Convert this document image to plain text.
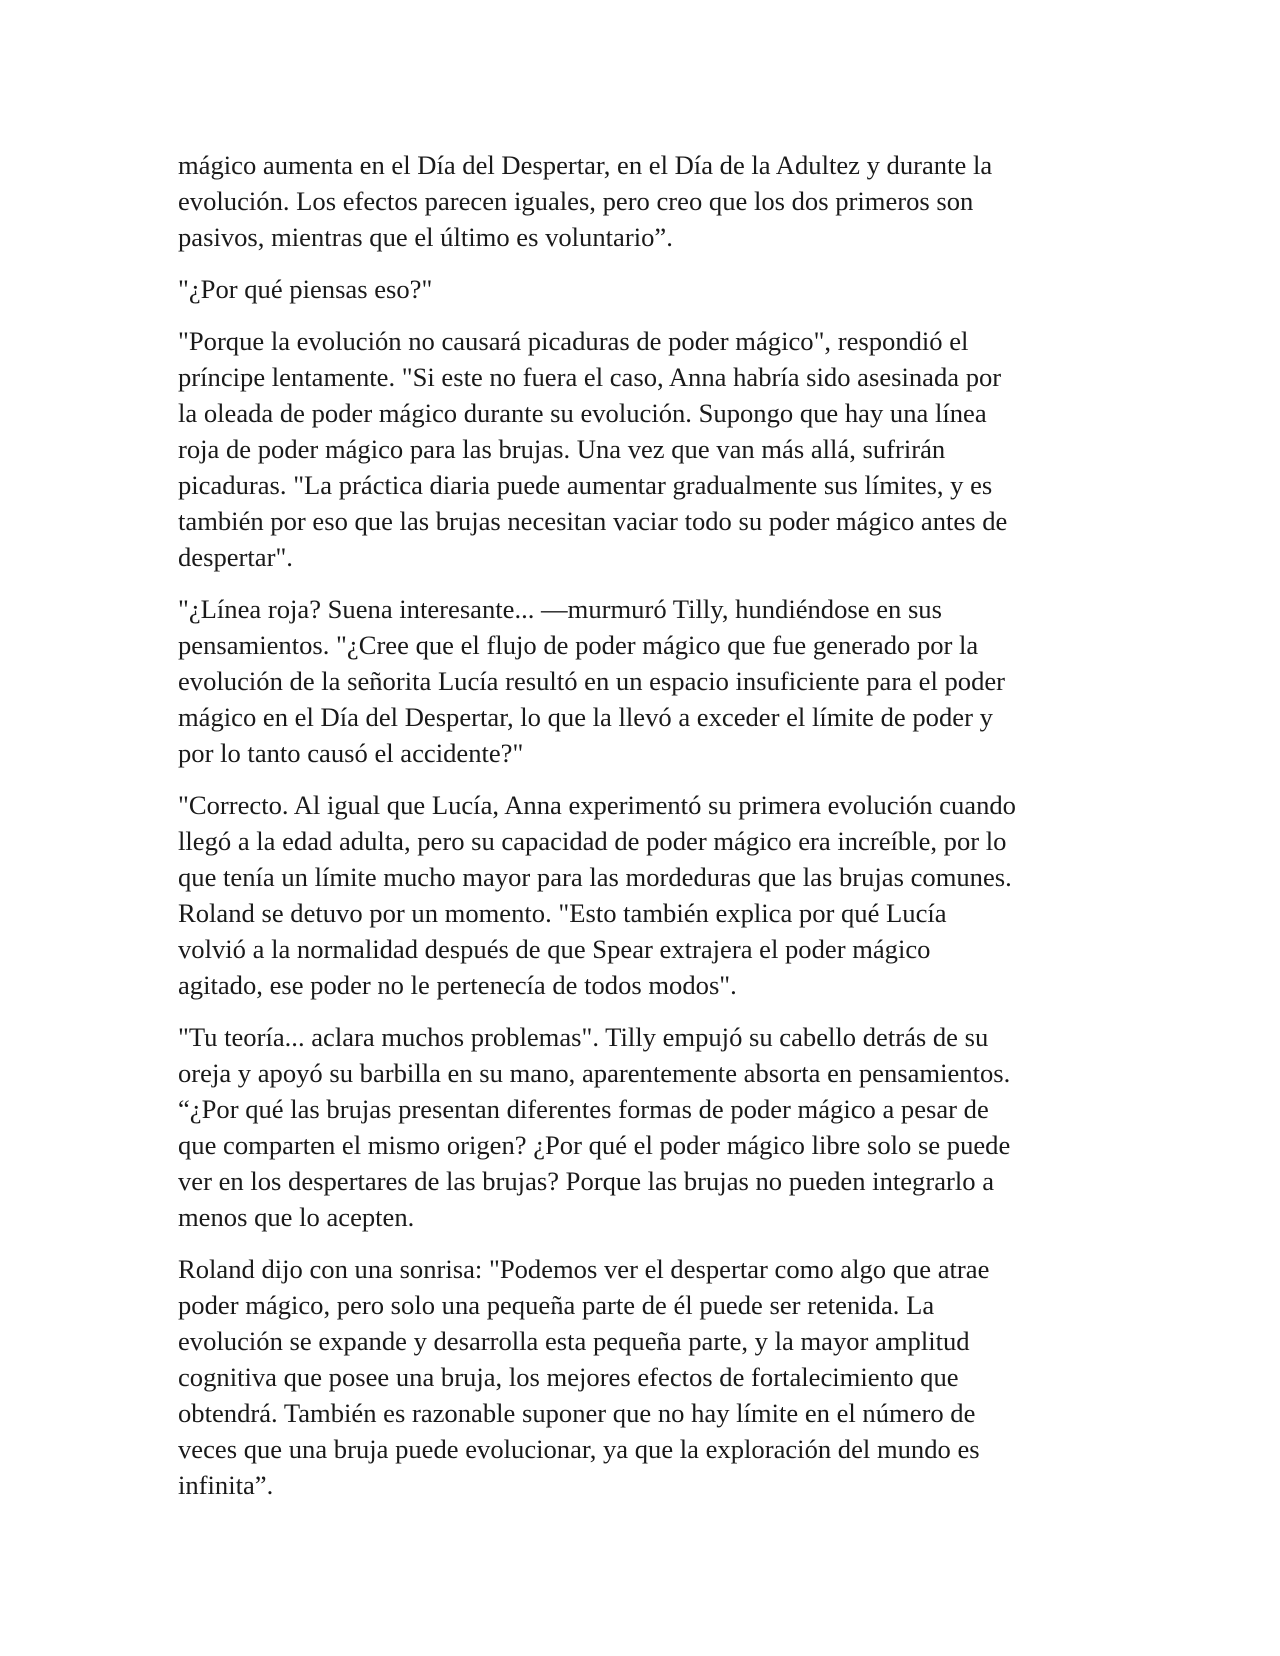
mágico aumenta en el Día del Despertar, en el Día de la Adultez y durante la
evolución. Los efectos parecen iguales, pero creo que los dos primeros son
pasivos, mientras que el último es voluntario”.

"¿Por qué piensas eso?"

"Porque la evolución no causará picaduras de poder mágico", respondió el
príncipe lentamente. "Si este no fuera el caso, Anna habría sido asesinada por
la oleada de poder mágico durante su evolución. Supongo que hay una línea
roja de poder mágico para las brujas. Una vez que van más allá, sufrirán
picaduras. "La práctica diaria puede aumentar gradualmente sus límites, y es
también por eso que las brujas necesitan vaciar todo su poder mágico antes de
despertar".

"¿Línea roja? Suena interesante... —murmuró Tilly, hundiéndose en sus
pensamientos. "¿Cree que el flujo de poder mágico que fue generado por la
evolución de la señorita Lucía resultó en un espacio insuficiente para el poder
mágico en el Día del Despertar, lo que la llevó a exceder el límite de poder y
por lo tanto causó el accidente?"

"Correcto. Al igual que Lucía, Anna experimentó su primera evolución cuando
llegó a la edad adulta, pero su capacidad de poder mágico era increíble, por lo
que tenía un límite mucho mayor para las mordeduras que las brujas comunes.
Roland se detuvo por un momento. "Esto también explica por qué Lucía
volvió a la normalidad después de que Spear extrajera el poder mágico
agitado, ese poder no le pertenecía de todos modos".

"Tu teoría... aclara muchos problemas". Tilly empujó su cabello detrás de su
oreja y apoyó su barbilla en su mano, aparentemente absorta en pensamientos.
“¿Por qué las brujas presentan diferentes formas de poder mágico a pesar de
que comparten el mismo origen? ¿Por qué el poder mágico libre solo se puede
ver en los despertares de las brujas? Porque las brujas no pueden integrarlo a
menos que lo acepten.

Roland dijo con una sonrisa: "Podemos ver el despertar como algo que atrae
poder mágico, pero solo una pequeña parte de él puede ser retenida. La
evolución se expande y desarrolla esta pequeña parte, y la mayor amplitud
cognitiva que posee una bruja, los mejores efectos de fortalecimiento que
obtendrá. También es razonable suponer que no hay límite en el número de
veces que una bruja puede evolucionar, ya que la exploración del mundo es
infinita”.
